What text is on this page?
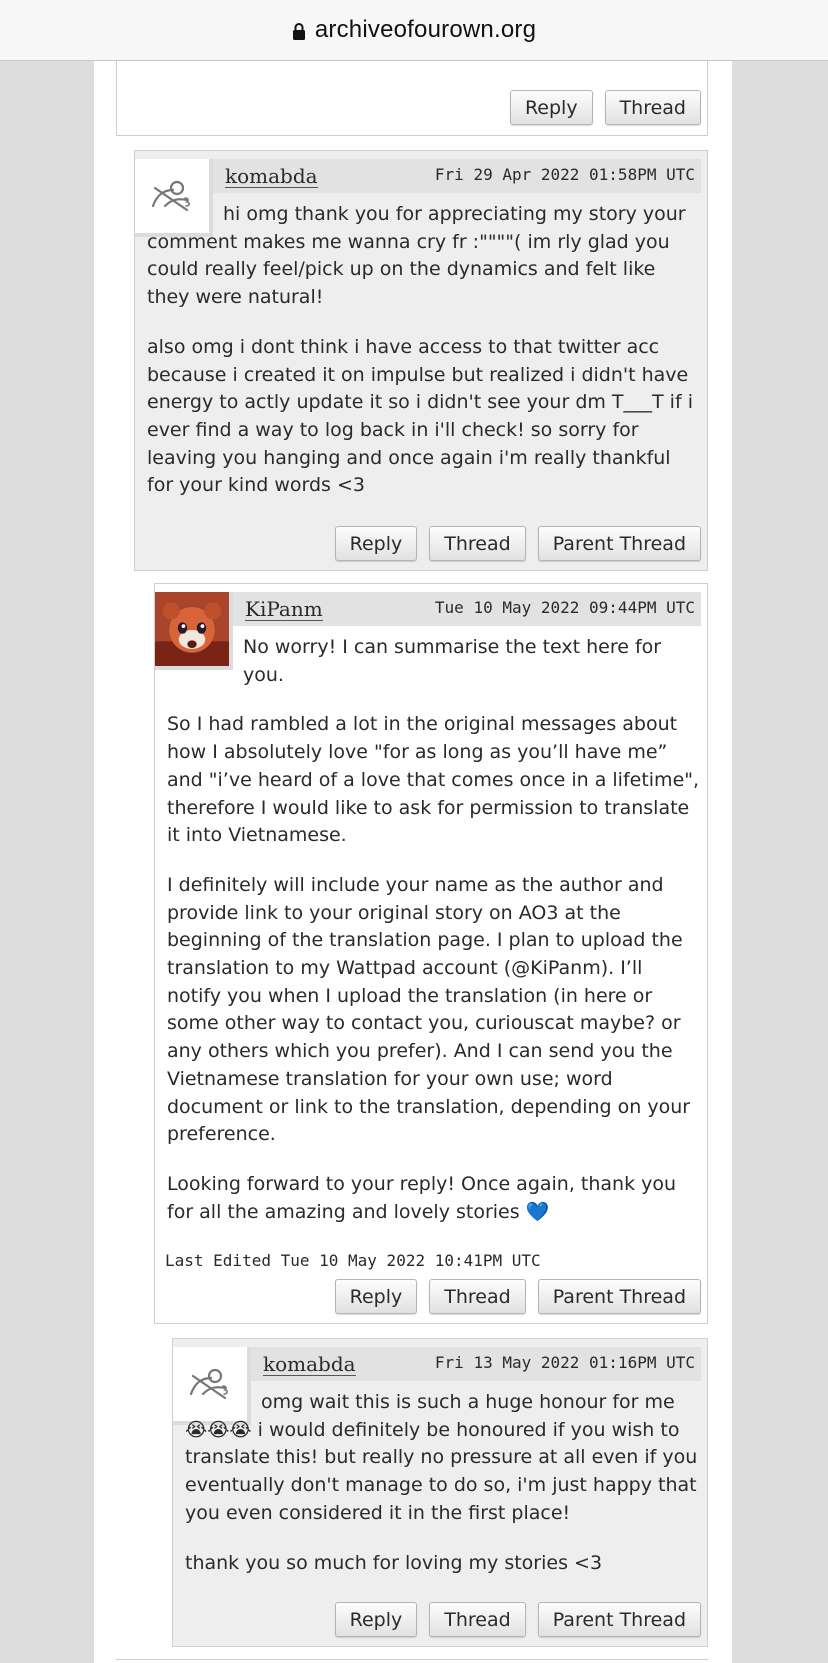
archiveofourown.org
Reply	Thread
komabda	Fri 29 Apr 2022 01:58PM UTC

hi omg thank you for appreciating my story your comment makes me wanna cry fr :""""( im rly glad you could really feel/pick up on the dynamics and felt like they were natural!

also omg i dont think i have access to that twitter acc because i created it on impulse but realized i didn't have energy to actly update it so i didn't see your dm T___T if i ever find a way to log back in i'll check! so sorry for leaving you hanging and once again i'm really thankful for your kind words <3

Reply	Thread	Parent Thread
KiPanm	Tue 10 May 2022 09:44PM UTC

No worry! I can summarise the text here for you.

So I had rambled a lot in the original messages about how I absolutely love "for as long as you’ll have me” and "i’ve heard of a love that comes once in a lifetime", therefore I would like to ask for permission to translate it into Vietnamese.

I definitely will include your name as the author and provide link to your original story on AO3 at the beginning of the translation page. I plan to upload the translation to my Wattpad account (@KiPanm). I’ll notify you when I upload the translation (in here or some other way to contact you, curiouscat maybe? or any others which you prefer). And I can send you the Vietnamese translation for your own use; word document or link to the translation, depending on your preference.

Looking forward to your reply! Once again, thank you for all the amazing and lovely stories 💙

Last Edited Tue 10 May 2022 10:41PM UTC
Reply	Thread	Parent Thread
komabda	Fri 13 May 2022 01:16PM UTC

omg wait this is such a huge honour for me 😭😭😭 i would definitely be honoured if you wish to translate this! but really no pressure at all even if you eventually don't manage to do so, i'm just happy that you even considered it in the first place!

thank you so much for loving my stories <3

Reply	Thread	Parent Thread
